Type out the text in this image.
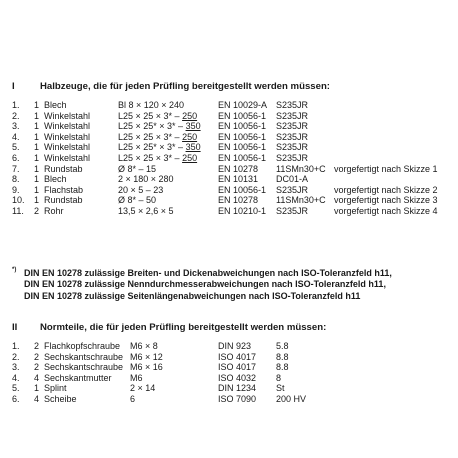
I	Halbzeuge, die für jeden Prüfling bereitgestellt werden müssen:
1.	1	Blech	Bl 8 × 120 × 240	EN 10029-A	S235JR	
2.	1	Winkelstahl	L25 × 25 × 3* – 250	EN 10056-1	S235JR	
3.	1	Winkelstahl	L25 × 25* × 3* – 350	EN 10056-1	S235JR	
4.	1	Winkelstahl	L25 × 25 × 3* – 250	EN 10056-1	S235JR	
5.	1	Winkelstahl	L25 × 25* × 3* – 350	EN 10056-1	S235JR	
6.	1	Winkelstahl	L25 × 25 × 3* – 250	EN 10056-1	S235JR	
7.	1	Rundstab	Ø 8* – 15	EN 10278	11SMn30+C	vorgefertigt nach Skizze 1
8.	1	Blech	2 × 180 × 280	EN 10131	DC01-A	
9.	1	Flachstab	20 × 5 – 23	EN 10056-1	S235JR	vorgefertigt nach Skizze 2
10.	1	Rundstab	Ø 8* – 50	EN 10278	11SMn30+C	vorgefertigt nach Skizze 3
11.	2	Rohr	13,5 × 2,6 × 5	EN 10210-1	S235JR	vorgefertigt nach Skizze 4
*) DIN EN 10278 zulässige Breiten- und Dickenabweichungen nach ISO-Toleranzfeld h11,
DIN EN 10278 zulässige Nenndurchmesserabweichungen nach ISO-Toleranzfeld h11,
DIN EN 10278 zulässige Seitenlängenabweichungen nach ISO-Toleranzfeld h11
II Normteile, die für jeden Prüfling bereitgestellt werden müssen:
1.	2	Flachkopfschraube	M6 × 8	DIN 923	5.8
2.	2	Sechskantschraube	M6 × 12	ISO 4017	8.8
3.	2	Sechskantschraube	M6 × 16	ISO 4017	8.8
4.	4	Sechskantmutter	M6	ISO 4032	8
5.	1	Splint	2 × 14	DIN 1234	St
6.	4	Scheibe	6	ISO 7090	200 HV
